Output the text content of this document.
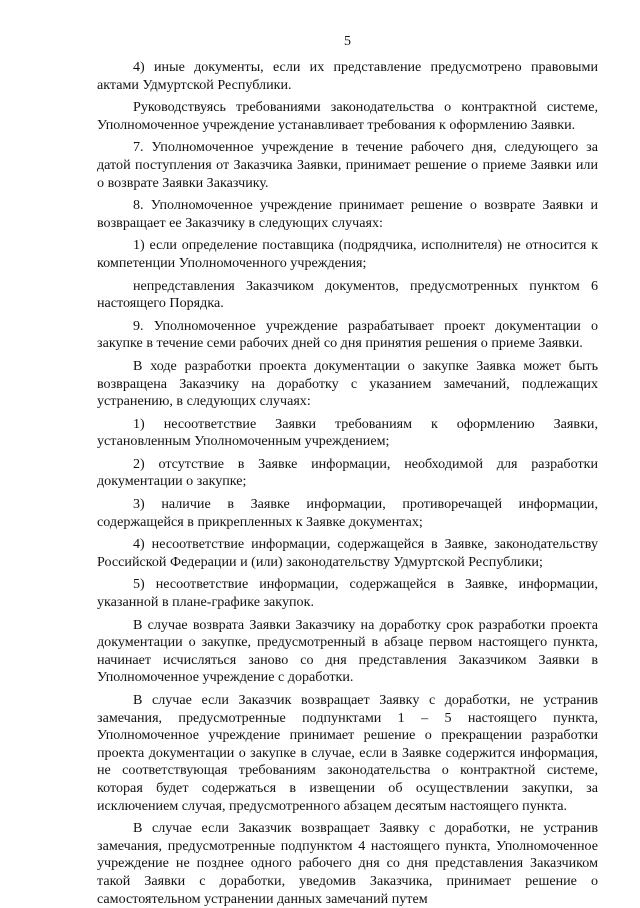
5

4) иные документы, если их представление предусмотрено правовыми актами Удмуртской Республики.

Руководствуясь требованиями законодательства о контрактной системе, Уполномоченное учреждение устанавливает требования к оформлению Заявки.

7. Уполномоченное учреждение в течение рабочего дня, следующего за датой поступления от Заказчика Заявки, принимает решение о приеме Заявки или о возврате Заявки Заказчику.

8. Уполномоченное учреждение принимает решение о возврате Заявки и возвращает ее Заказчику в следующих случаях:

1) если определение поставщика (подрядчика, исполнителя) не относится к компетенции Уполномоченного учреждения;

непредставления Заказчиком документов, предусмотренных пунктом 6 настоящего Порядка.

9. Уполномоченное учреждение разрабатывает проект документации о закупке в течение семи рабочих дней со дня принятия решения о приеме Заявки.

В ходе разработки проекта документации о закупке Заявка может быть возвращена Заказчику на доработку с указанием замечаний, подлежащих устранению, в следующих случаях:

1) несоответствие Заявки требованиям к оформлению Заявки, установленным Уполномоченным учреждением;

2) отсутствие в Заявке информации, необходимой для разработки документации о закупке;

3) наличие в Заявке информации, противоречащей информации, содержащейся в прикрепленных к Заявке документах;

4) несоответствие информации, содержащейся в Заявке, законодательству Российской Федерации и (или) законодательству Удмуртской Республики;

5) несоответствие информации, содержащейся в Заявке, информации, указанной в плане-графике закупок.

В случае возврата Заявки Заказчику на доработку срок разработки проекта документации о закупке, предусмотренный в абзаце первом настоящего пункта, начинает исчисляться заново со дня представления Заказчиком Заявки в Уполномоченное учреждение с доработки.

В случае если Заказчик возвращает Заявку с доработки, не устранив замечания, предусмотренные подпунктами 1 – 5 настоящего пункта, Уполномоченное учреждение принимает решение о прекращении разработки проекта документации о закупке в случае, если в Заявке содержится информация, не соответствующая требованиям законодательства о контрактной системе, которая будет содержаться в извещении об осуществлении закупки, за исключением случая, предусмотренного абзацем десятым настоящего пункта.

В случае если Заказчик возвращает Заявку с доработки, не устранив замечания, предусмотренные подпунктом 4 настоящего пункта, Уполномоченное учреждение не позднее одного рабочего дня со дня представления Заказчиком такой Заявки с доработки, уведомив Заказчика, принимает решение о самостоятельном устранении данных замечаний путем
